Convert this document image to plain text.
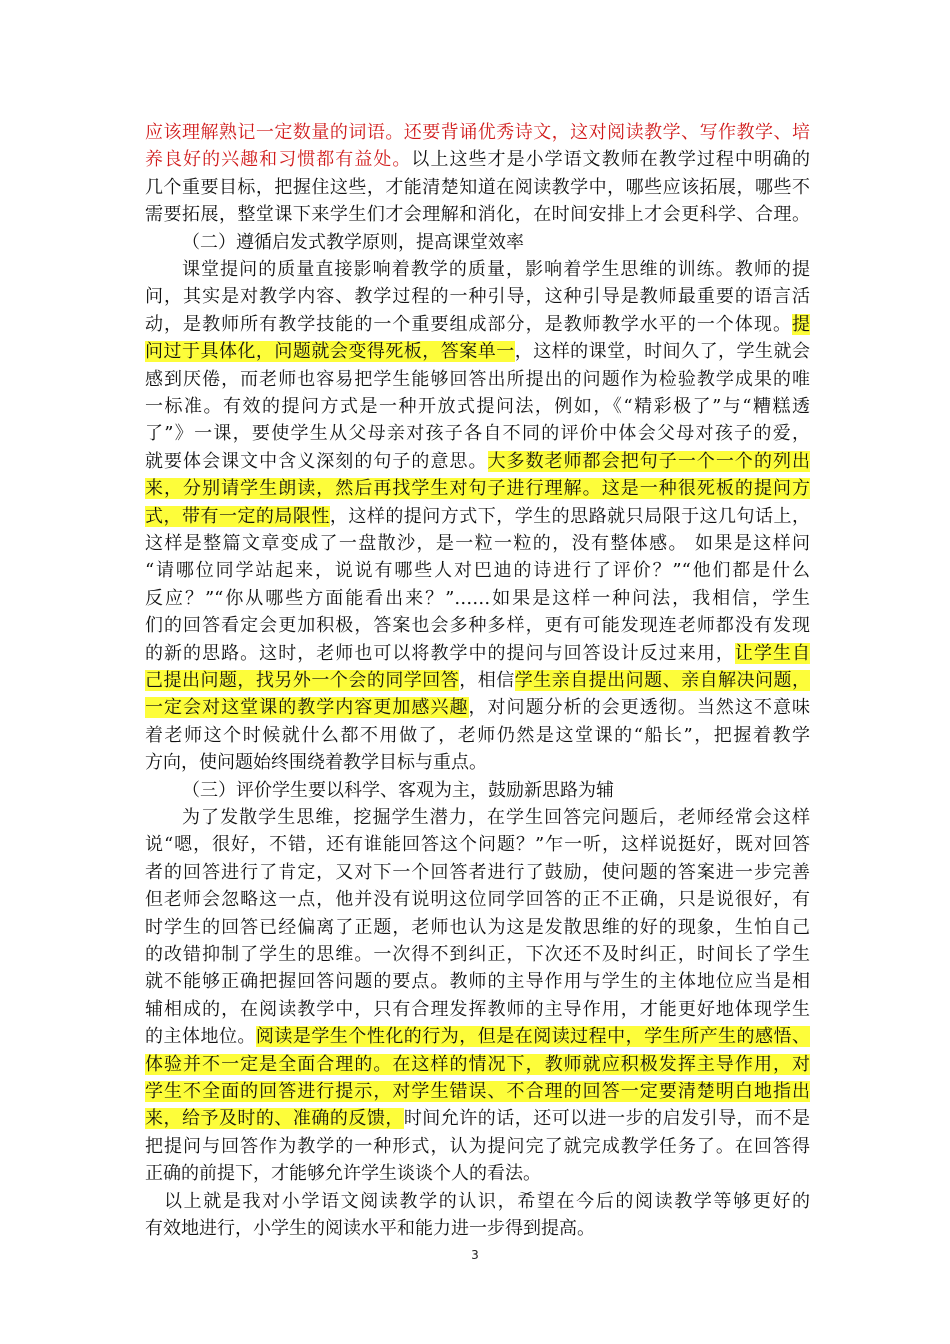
应该理解熟记一定数量的词语。还要背诵优秀诗文，这对阅读教学、写作教学、培
养良好的兴趣和习惯都有益处。以上这些才是小学语文教师在教学过程中明确的
几个重要目标，把握住这些，才能清楚知道在阅读教学中，哪些应该拓展，哪些不
需要拓展，整堂课下来学生们才会理解和消化，在时间安排上才会更科学、合理。
（二）遵循启发式教学原则，提高课堂效率
课堂提问的质量直接影响着教学的质量，影响着学生思维的训练。教师的提
问，其实是对教学内容、教学过程的一种引导，这种引导是教师最重要的语言活
动，是教师所有教学技能的一个重要组成部分，是教师教学水平的一个体现。提
问过于具体化，问题就会变得死板，答案单一，这样的课堂，时间久了，学生就会
感到厌倦，而老师也容易把学生能够回答出所提出的问题作为检验教学成果的唯
一标准。有效的提问方式是一种开放式提问法，例如，《“精彩极了”与“糟糕透
了”》一课，要使学生从父母亲对孩子各自不同的评价中体会父母对孩子的爱，
就要体会课文中含义深刻的句子的意思。大多数老师都会把句子一个一个的列出
来，分别请学生朗读，然后再找学生对句子进行理解。这是一种很死板的提问方
式，带有一定的局限性，这样的提问方式下，学生的思路就只局限于这几句话上，
这样是整篇文章变成了一盘散沙，是一粒一粒的，没有整体感。 如果是这样问
“请哪位同学站起来，说说有哪些人对巴迪的诗进行了评价？”“他们都是什么
反应？”“你从哪些方面能看出来？”……如果是这样一种问法，我相信，学生
们的回答看定会更加积极，答案也会多种多样，更有可能发现连老师都没有发现
的新的思路。这时，老师也可以将教学中的提问与回答设计反过来用，让学生自
己提出问题，找另外一个会的同学回答，相信学生亲自提出问题、亲自解决问题，
一定会对这堂课的教学内容更加感兴趣，对问题分析的会更透彻。当然这不意味
着老师这个时候就什么都不用做了，老师仍然是这堂课的“船长”，把握着教学
方向，使问题始终围绕着教学目标与重点。
（三）评价学生要以科学、客观为主，鼓励新思路为辅
为了发散学生思维，挖掘学生潜力，在学生回答完问题后，老师经常会这样
说“嗯，很好，不错，还有谁能回答这个问题？”乍一听，这样说挺好，既对回答
者的回答进行了肯定，又对下一个回答者进行了鼓励，使问题的答案进一步完善
但老师会忽略这一点，他并没有说明这位同学回答的正不正确，只是说很好，有
时学生的回答已经偏离了正题，老师也认为这是发散思维的好的现象，生怕自己
的改错抑制了学生的思维。一次得不到纠正，下次还不及时纠正，时间长了学生
就不能够正确把握回答问题的要点。教师的主导作用与学生的主体地位应当是相
辅相成的，在阅读教学中，只有合理发挥教师的主导作用，才能更好地体现学生
的主体地位。阅读是学生个性化的行为，但是在阅读过程中，学生所产生的感悟、
体验并不一定是全面合理的。在这样的情况下，教师就应积极发挥主导作用，对
学生不全面的回答进行提示，对学生错误、不合理的回答一定要清楚明白地指出
来，给予及时的、准确的反馈，时间允许的话，还可以进一步的启发引导，而不是
把提问与回答作为教学的一种形式，认为提问完了就完成教学任务了。在回答得
正确的前提下，才能够允许学生谈谈个人的看法。
以上就是我对小学语文阅读教学的认识，希望在今后的阅读教学等够更好的
有效地进行，小学生的阅读水平和能力进一步得到提高。
3
